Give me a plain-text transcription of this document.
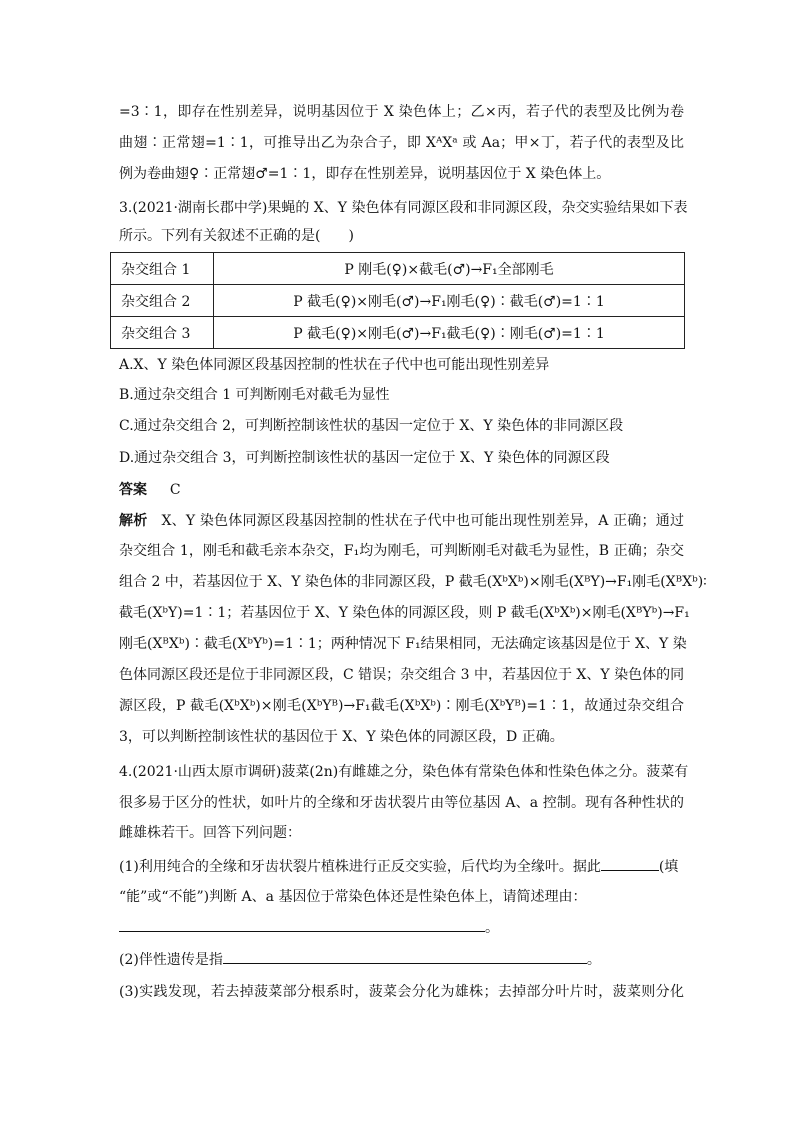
=3∶1，即存在性别差异，说明基因位于 X 染色体上；乙×丙，若子代的表型及比例为卷
曲翅∶正常翅=1∶1，可推导出乙为杂合子，即 XᴬXᵃ 或 Aa；甲×丁，若子代的表型及比
例为卷曲翅♀∶正常翅♂=1∶1，即存在性别差异，说明基因位于 X 染色体上。
3.(2021·湖南长郡中学)果蝇的 X、Y 染色体有同源区段和非同源区段，杂交实验结果如下表
所示。下列有关叙述不正确的是(　　)
杂交组合 1	P 刚毛(♀)×截毛(♂)→F₁全部刚毛
杂交组合 2	P 截毛(♀)×刚毛(♂)→F₁刚毛(♀)∶截毛(♂)=1∶1
杂交组合 3	P 截毛(♀)×刚毛(♂)→F₁截毛(♀)∶刚毛(♂)=1∶1
A.X、Y 染色体同源区段基因控制的性状在子代中也可能出现性别差异
B.通过杂交组合 1 可判断刚毛对截毛为显性
C.通过杂交组合 2，可判断控制该性状的基因一定位于 X、Y 染色体的非同源区段
D.通过杂交组合 3，可判断控制该性状的基因一定位于 X、Y 染色体的同源区段
答案 C
解析 X、Y 染色体同源区段基因控制的性状在子代中也可能出现性别差异，A 正确；通过
杂交组合 1，刚毛和截毛亲本杂交，F₁均为刚毛，可判断刚毛对截毛为显性，B 正确；杂交
组合 2 中，若基因位于 X、Y 染色体的非同源区段，P 截毛(XᵇXᵇ)×刚毛(XᴮY)→F₁刚毛(XᴮXᵇ)∶
截毛(XᵇY)=1∶1；若基因位于 X、Y 染色体的同源区段，则 P 截毛(XᵇXᵇ)×刚毛(XᴮYᵇ)→F₁
刚毛(XᴮXᵇ)∶截毛(XᵇYᵇ)=1∶1；两种情况下 F₁结果相同，无法确定该基因是位于 X、Y 染
色体同源区段还是位于非同源区段，C 错误；杂交组合 3 中，若基因位于 X、Y 染色体的同
源区段，P 截毛(XᵇXᵇ)×刚毛(XᵇYᴮ)→F₁截毛(XᵇXᵇ)∶刚毛(XᵇYᴮ)=1∶1，故通过杂交组合
3，可以判断控制该性状的基因位于 X、Y 染色体的同源区段，D 正确。
4.(2021·山西太原市调研)菠菜(2n)有雌雄之分，染色体有常染色体和性染色体之分。菠菜有
很多易于区分的性状，如叶片的全缘和牙齿状裂片由等位基因 A、a 控制。现有各种性状的
雌雄株若干。回答下列问题：
(1)利用纯合的全缘和牙齿状裂片植株进行正反交实验，后代均为全缘叶。据此	(填
“能”或“不能”)判断 A、a 基因位于常染色体还是性染色体上，请简述理由：
。
(2)伴性遗传是指	。
(3)实践发现，若去掉菠菜部分根系时，菠菜会分化为雄株；去掉部分叶片时，菠菜则分化
